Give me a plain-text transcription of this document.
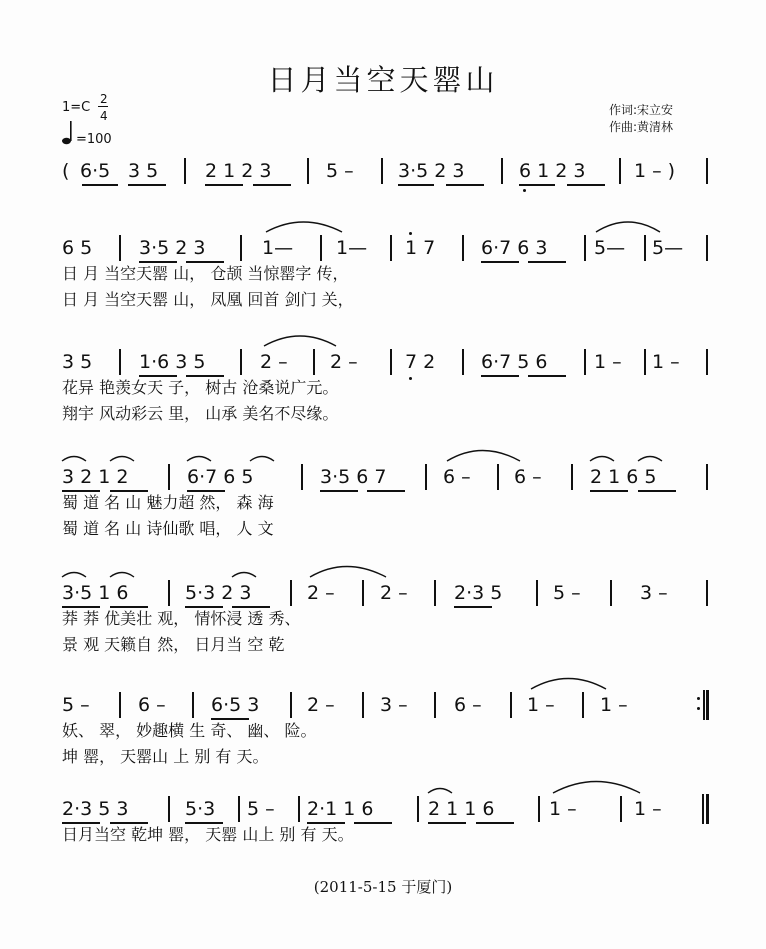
日月当空天罂山
1=C
2
4
=100
作词:宋立安
作曲:黄清林
( 6·5 3 5 2 1 2 3	5 – 3·5 2 3	6 1 2 3	1 – )
6 5 3·5 2 3	1— 1— 1 7 6·7 6 3 5— 5—
日 月 当空天罂 山， 仓颉 当惊罂字 传，
日 月 当空天罂 山， 凤凰 回首 剑门 关，
3 5 1·6 3 5	2 – 2 – 7 2 6·7 5 6 1 – 1 –
花异 艳羡女天 子， 树古 沧桑说广元。
翔宇 风动彩云 里， 山承 美名不尽缘。
3 2 1 2	6·7 6 5	3·5 6 7	6 – 6 –	2 1 6 5
蜀 道 名 山 魅力超 然， 森 海
蜀 道 名 山 诗仙歌 唱， 人 文
3·5 1 6	5·3 2 3	2 – 2 – 2·3 5	5 –	3 –
莽 莽 优美壮 观， 情怀浸 透 秀、
景 观 天籁自 然， 日月当 空 乾
5 –	6 – 6·5 3	2 – 3 – 6 – 1 – 1 –
妖、 翠， 妙趣横 生 奇、 幽、 险。
坤 罂， 天罂山 上 别 有 天。
2·3 5 3	5·3 5 – 2·1 1 6	2 1 1 6	1 –	1 –
日月当空 乾坤 罂， 天罂 山上 别 有 天。
(2011-5-15 于厦门)
